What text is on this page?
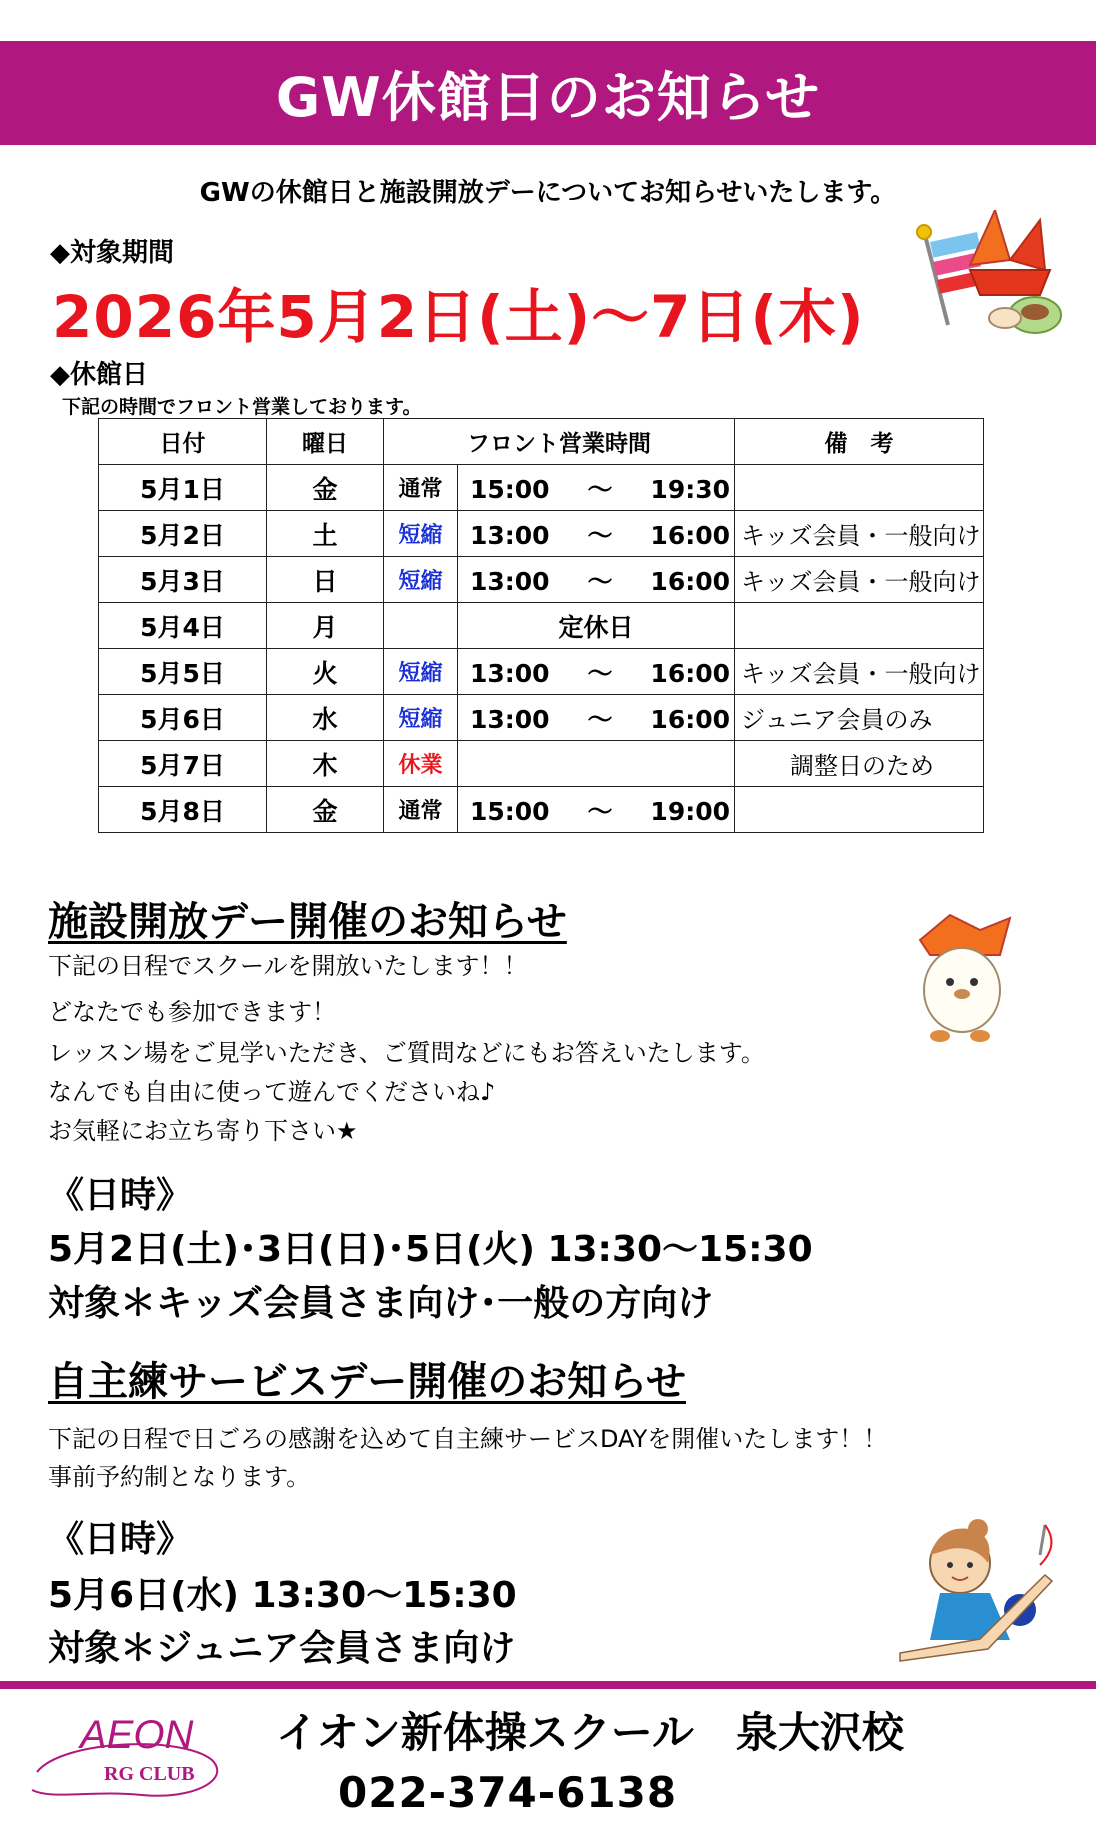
GW休館日のお知らせ
GWの休館日と施設開放デーについてお知らせいたします。
◆対象期間
2026年5月2日(土)～7日(木)
◆休館日
下記の時間でフロント営業しております。
日付	曜日	フロント営業時間		備　考
5月1日	金	通常	15:00 ～ 19:30	
5月2日	土	短縮	13:00 ～ 16:00	キッズ会員・一般向け
5月3日	日	短縮	13:00 ～ 16:00	キッズ会員・一般向け
5月4日	月		定休日	
5月5日	火	短縮	13:00 ～ 16:00	キッズ会員・一般向け
5月6日	水	短縮	13:00 ～ 16:00	ジュニア会員のみ
5月7日	木	休業		調整日のため
5月8日	金	通常	15:00 ～ 19:00	
施設開放デー開催のお知らせ
下記の日程でスクールを開放いたします！！
どなたでも参加できます！
レッスン場をご見学いただき、ご質問などにもお答えいたします。
なんでも自由に使って遊んでくださいね♪
お気軽にお立ち寄り下さい★
《日時》
5月2日(土)･3日(日)･5日(火) 13:30～15:30
対象＊キッズ会員さま向け･一般の方向け
自主練サービスデー開催のお知らせ
下記の日程で日ごろの感謝を込めて自主練サービスDAYを開催いたします！！
事前予約制となります。
《日時》
5月6日(水) 13:30～15:30
対象＊ジュニア会員さま向け
AEON
RG CLUB
イオン新体操スクール　泉大沢校
022-374-6138
